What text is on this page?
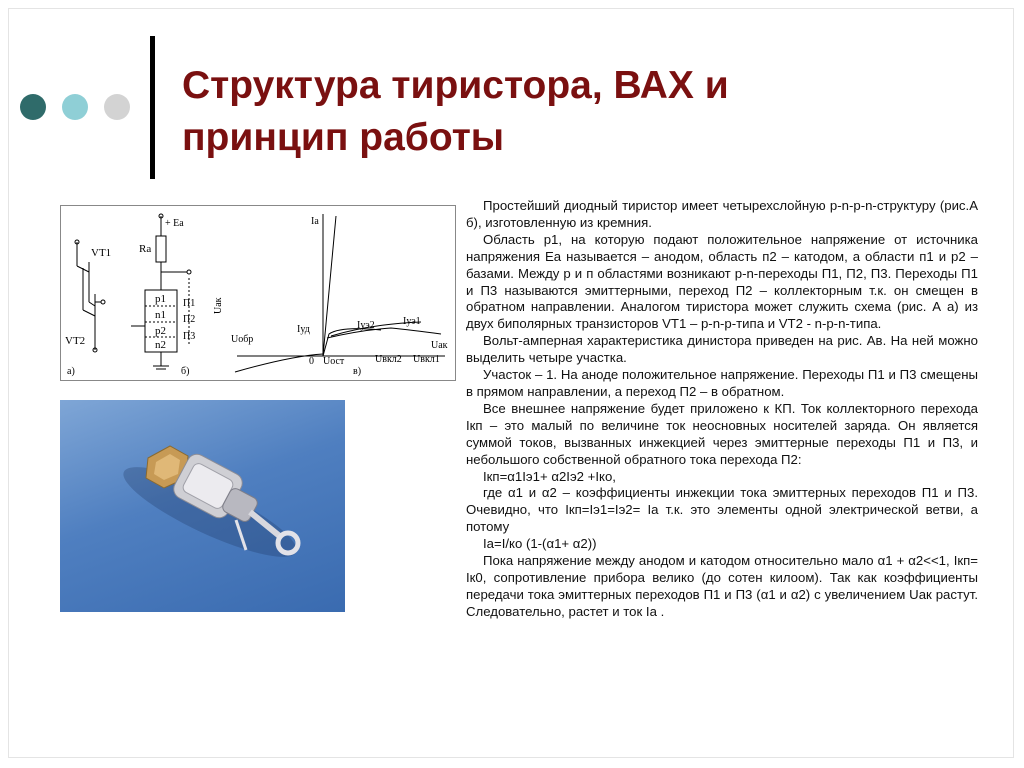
Структура тиристора, ВАХ и
принцип работы
VT1
VT2
а)
+ Eа
Ra
p1
n1
p2
n2
П1
П2
П3
Uак
б)
Iа
Uобр
Iуд	Iуэ2	Iуэ1
Uак
0 Uост	Uвкл2 Uвкл1
в)

Простейший диодный тиристор имеет четырехслойную p-n-p-n-структуру (рис.А б), изготовленную из кремния.

Область p1, на которую подают положительное напряжение от источника напряжения Еа называется – анодом, область п2 – катодом, а области п1 и р2 – базами. Между р и п областями возникают p-n-переходы П1, П2, П3. Переходы П1 и П3 называются эмиттерными, переход П2 – коллекторным т.к. он смещен в обратном направлении. Аналогом тиристора может служить схема (рис. А а) из двух биполярных транзисторов VT1 – p-n-p-типа и VT2 - n-p-n-типа.

Вольт-амперная характеристика динистора приведен на рис. Ав. На ней можно выделить четыре участка.

Участок – 1. На аноде положительное напряжение. Переходы П1 и П3 смещены в прямом направлении, а переход П2 – в обратном.

Все внешнее напряжение будет приложено к КП. Ток коллекторного перехода Iкп – это малый по величине ток неосновных носителей заряда. Он является суммой токов, вызванных инжекцией через эмиттерные переходы П1 и П3, и небольшого собственной обратного тока перехода П2:

Iкп=α1Iэ1+ α2Iэ2 +Iко,

где α1 и α2 – коэффициенты инжекции тока эмиттерных переходов П1 и П3. Очевидно, что Iкп=Iэ1=Iэ2= Iа т.к. это элементы одной электрической ветви, а потому

Iа=I/ко (1-(α1+ α2))

Пока напряжение между анодом и катодом относительно мало α1 + α2<<1, Iкп= Iк0, сопротивление прибора велико (до сотен килоом). Так как коэффициенты передачи тока эмиттерных переходов П1 и П3 (α1 и α2) с увеличением Uак растут. Следовательно, растет и ток Iа .
